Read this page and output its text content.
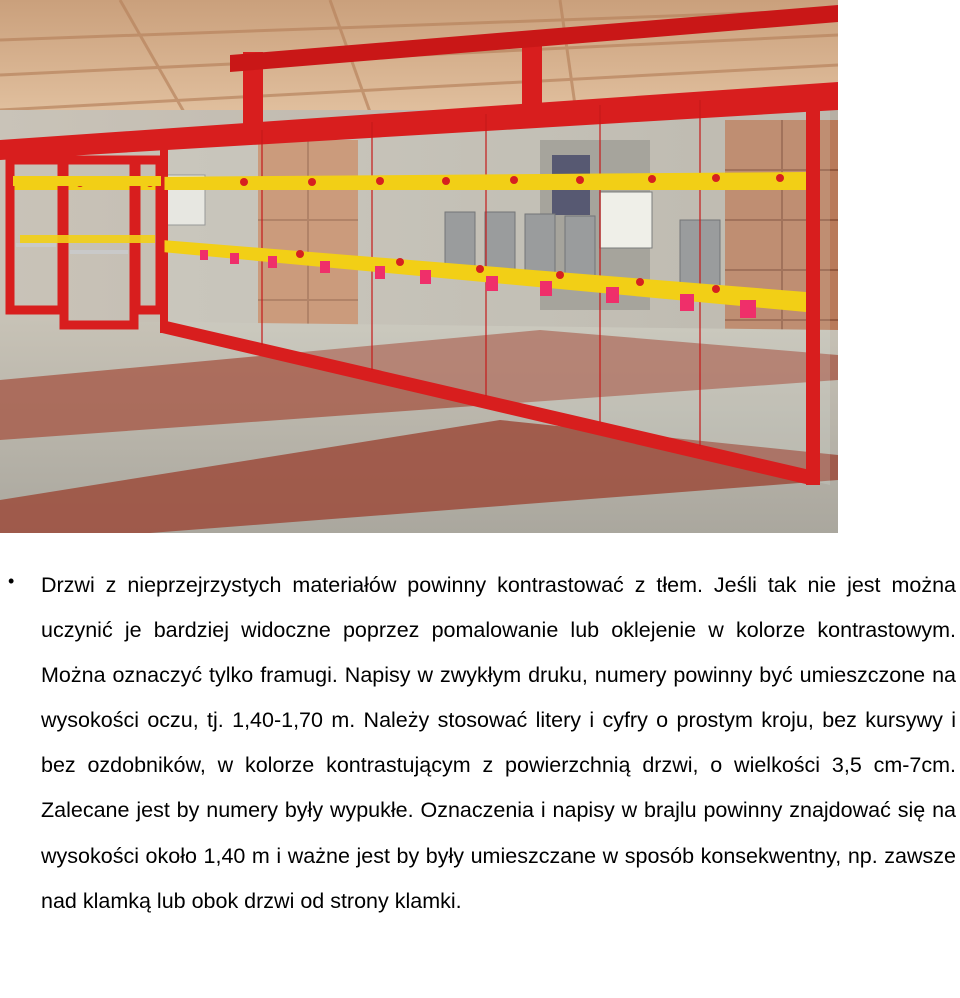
• Drzwi z nieprzejrzystych materiałów powinny kontrastować z tłem. Jeśli tak nie jest można uczynić je bardziej widoczne poprzez pomalowanie lub oklejenie w kolorze kontrastowym. Można oznaczyć tylko framugi. Napisy w zwykłym druku, numery powinny być umieszczone na wysokości oczu, tj. 1,40-1,70 m. Należy stosować litery i cyfry o prostym kroju, bez kursywy i bez ozdobników, w kolorze kontrastującym z powierzchnią drzwi, o wielkości 3,5 cm-7cm. Zalecane jest by numery były wypukłe. Oznaczenia i napisy w brajlu powinny znajdować się na wysokości około 1,40 m i ważne jest by były umieszczane w sposób konsekwentny, np. zawsze nad klamką lub obok drzwi od strony klamki.
